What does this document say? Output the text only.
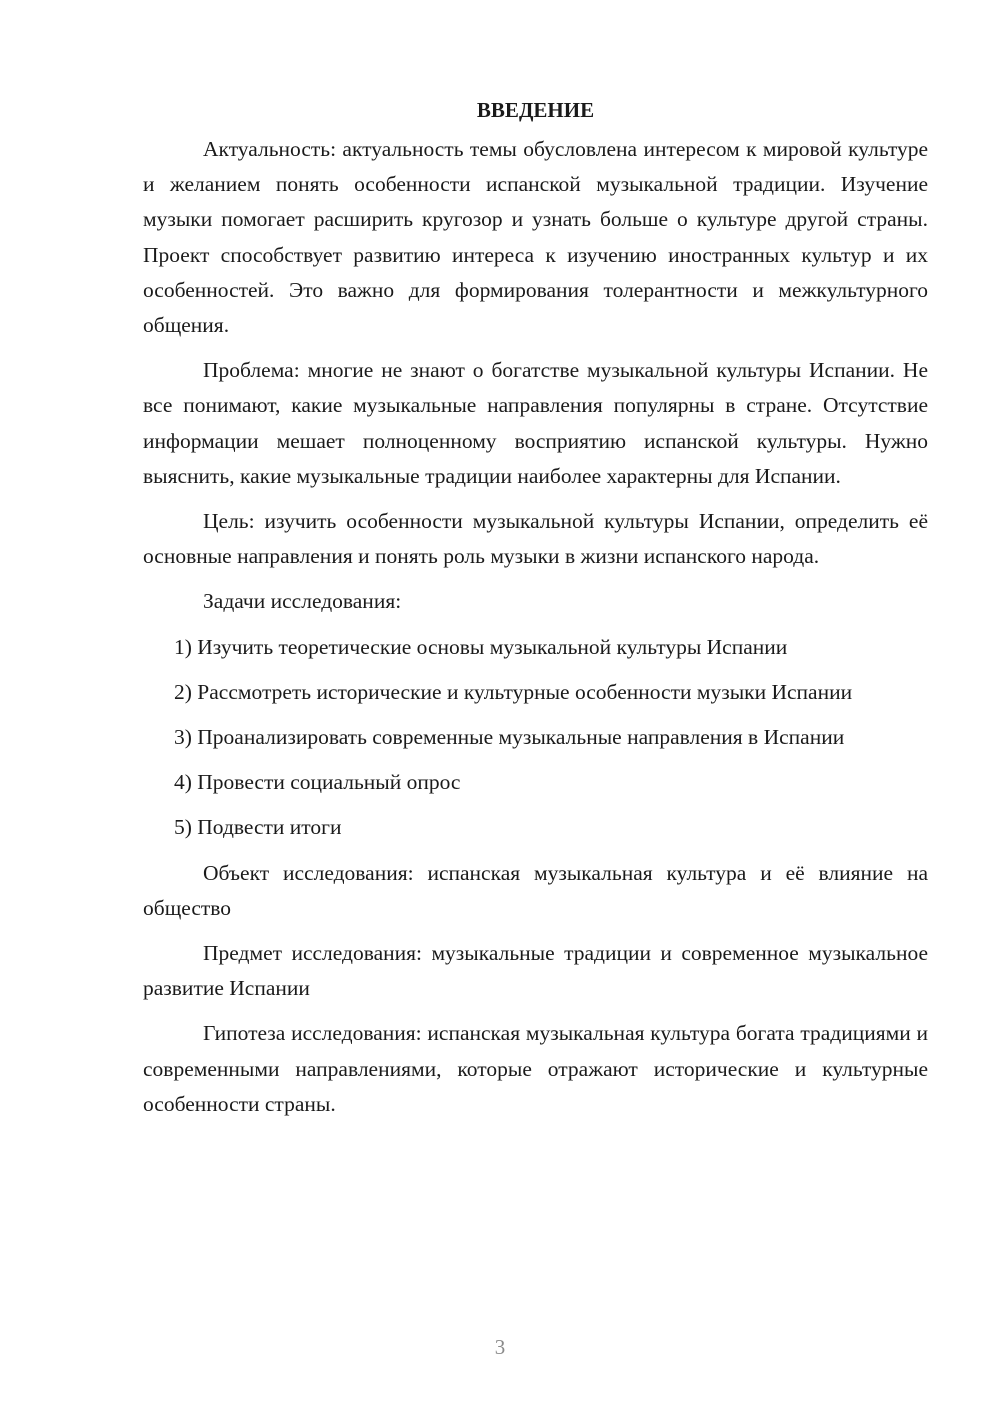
ВВЕДЕНИЕ

Актуальность: актуальность темы обусловлена интересом к мировой культуре и желанием понять особенности испанской музыкальной традиции. Изучение музыки помогает расширить кругозор и узнать больше о культуре другой страны. Проект способствует развитию интереса к изучению иностранных культур и их особенностей. Это важно для формирования толерантности и межкультурного общения.

Проблема: многие не знают о богатстве музыкальной культуры Испании. Не все понимают, какие музыкальные направления популярны в стране. Отсутствие информации мешает полноценному восприятию испанской культуры. Нужно выяснить, какие музыкальные традиции наиболее характерны для Испании.

Цель: изучить особенности музыкальной культуры Испании, определить её основные направления и понять роль музыки в жизни испанского народа.

Задачи исследования:

1) Изучить теоретические основы музыкальной культуры Испании

2) Рассмотреть исторические и культурные особенности музыки Испании

3) Проанализировать современные музыкальные направления в Испании

4) Провести социальный опрос

5) Подвести итоги

Объект исследования: испанская музыкальная культура и её влияние на общество

Предмет исследования: музыкальные традиции и современное музыкальное развитие Испании

Гипотеза исследования: испанская музыкальная культура богата традициями и современными направлениями, которые отражают исторические и культурные особенности страны.

3
